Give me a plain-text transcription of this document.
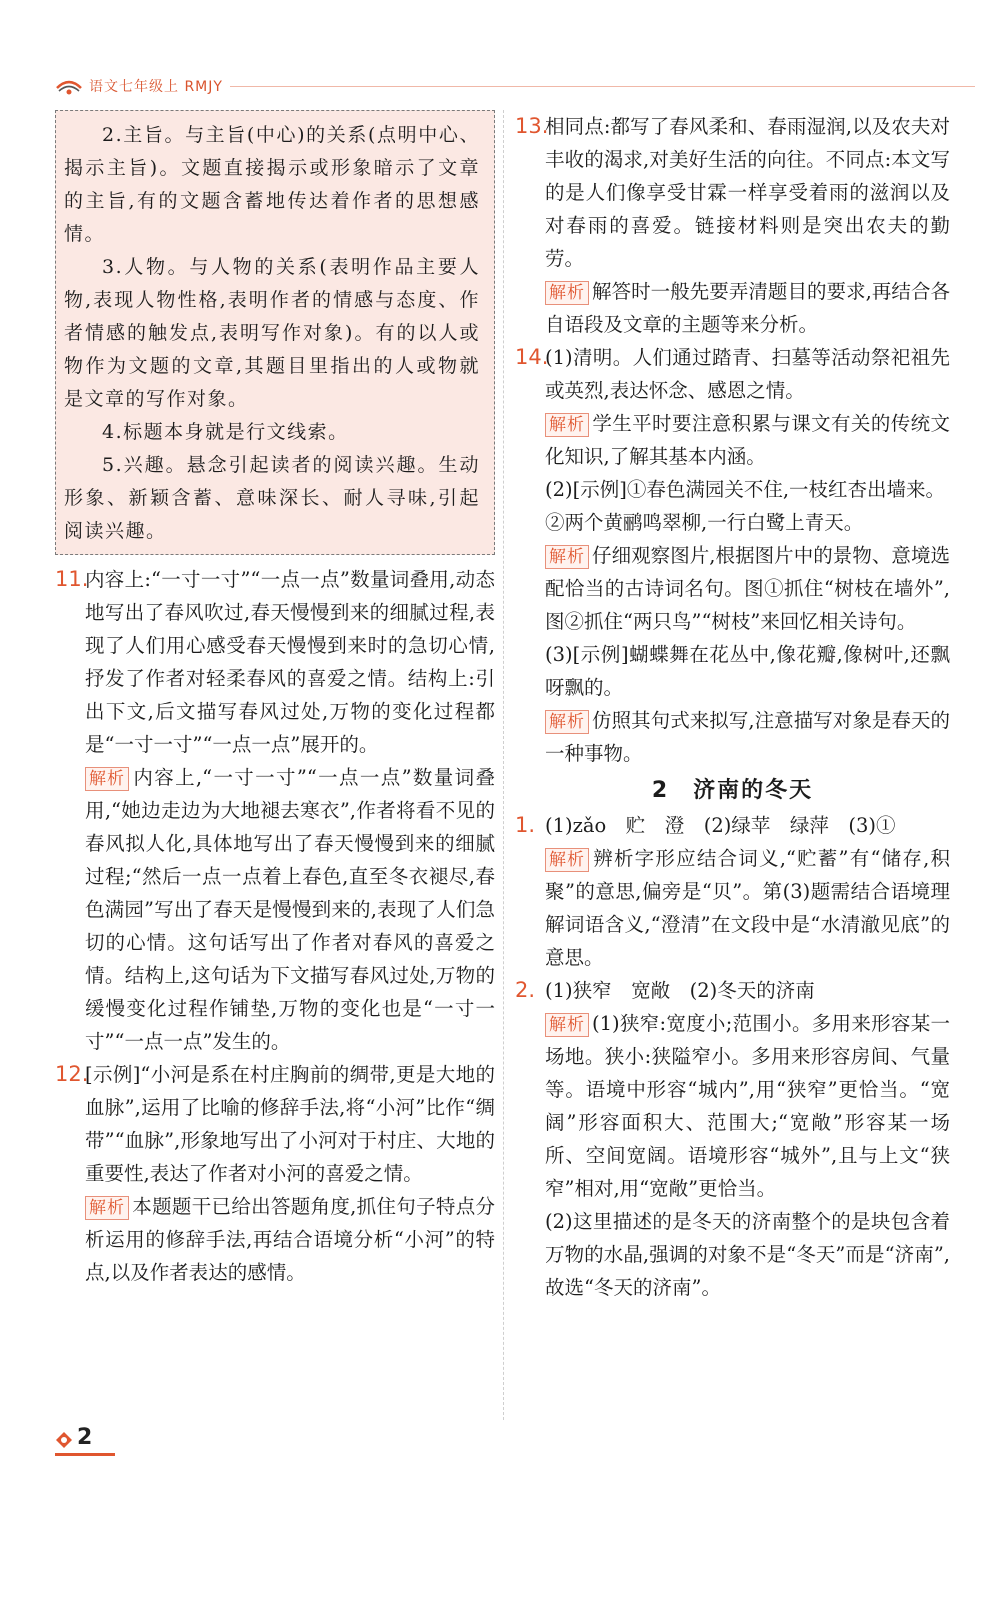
语文七年级上 RMJY

2.主旨。与主旨(中心)的关系(点明中心、揭示主旨)。文题直接揭示或形象暗示了文章的主旨,有的文题含蓄地传达着作者的思想感情。

3.人物。与人物的关系(表明作品主要人物,表现人物性格,表明作者的情感与态度、作者情感的触发点,表明写作对象)。有的以人或物作为文题的文章,其题目里指出的人或物就是文章的写作对象。

4.标题本身就是行文线索。

5.兴趣。悬念引起读者的阅读兴趣。生动形象、新颖含蓄、意味深长、耐人寻味,引起阅读兴趣。

11.

内容上:“一寸一寸”“一点一点”数量词叠用,动态地写出了春风吹过,春天慢慢到来的细腻过程,表现了人们用心感受春天慢慢到来时的急切心情,抒发了作者对轻柔春风的喜爱之情。结构上:引出下文,后文描写春风过处,万物的变化过程都是“一寸一寸”“一点一点”展开的。

解析 内容上,“一寸一寸”“一点一点”数量词叠用,“她边走边为大地褪去寒衣”,作者将看不见的春风拟人化,具体地写出了春天慢慢到来的细腻过程;“然后一点一点着上春色,直至冬衣褪尽,春色满园”写出了春天是慢慢到来的,表现了人们急切的心情。这句话写出了作者对春风的喜爱之情。结构上,这句话为下文描写春风过处,万物的缓慢变化过程作铺垫,万物的变化也是“一寸一寸”“一点一点”发生的。

12.

[示例]“小河是系在村庄胸前的绸带,更是大地的血脉”,运用了比喻的修辞手法,将“小河”比作“绸带”“血脉”,形象地写出了小河对于村庄、大地的重要性,表达了作者对小河的喜爱之情。

解析 本题题干已给出答题角度,抓住句子特点分析运用的修辞手法,再结合语境分析“小河”的特点,以及作者表达的感情。

13.

相同点:都写了春风柔和、春雨湿润,以及农夫对丰收的渴求,对美好生活的向往。不同点:本文写的是人们像享受甘霖一样享受着雨的滋润以及对春雨的喜爱。链接材料则是突出农夫的勤劳。

解析 解答时一般先要弄清题目的要求,再结合各自语段及文章的主题等来分析。

14.

(1)清明。人们通过踏青、扫墓等活动祭祀祖先或英烈,表达怀念、感恩之情。

解析 学生平时要注意积累与课文有关的传统文化知识,了解其基本内涵。

(2)[示例]①春色满园关不住,一枝红杏出墙来。

②两个黄鹂鸣翠柳,一行白鹭上青天。

解析 仔细观察图片,根据图片中的景物、意境选配恰当的古诗词名句。图①抓住“树枝在墙外”,图②抓住“两只鸟”“树枝”来回忆相关诗句。

(3)[示例]蝴蝶舞在花丛中,像花瓣,像树叶,还飘呀飘的。

解析 仿照其句式来拟写,注意描写对象是春天的一种事物。

2　济南的冬天
1. (1)zǎo　贮　澄　(2)绿苹　绿萍　(3)①

解析 辨析字形应结合词义,“贮蓄”有“储存,积聚”的意思,偏旁是“贝”。第(3)题需结合语境理解词语含义,“澄清”在文段中是“水清澈见底”的意思。

2. (1)狭窄　宽敞　(2)冬天的济南

解析 (1)狭窄:宽度小;范围小。多用来形容某一场地。狭小:狭隘窄小。多用来形容房间、气量等。语境中形容“城内”,用“狭窄”更恰当。“宽阔”形容面积大、范围大;“宽敞”形容某一场所、空间宽阔。语境形容“城外”,且与上文“狭窄”相对,用“宽敞”更恰当。

(2)这里描述的是冬天的济南整个的是块包含着万物的水晶,强调的对象不是“冬天”而是“济南”,故选“冬天的济南”。

2
